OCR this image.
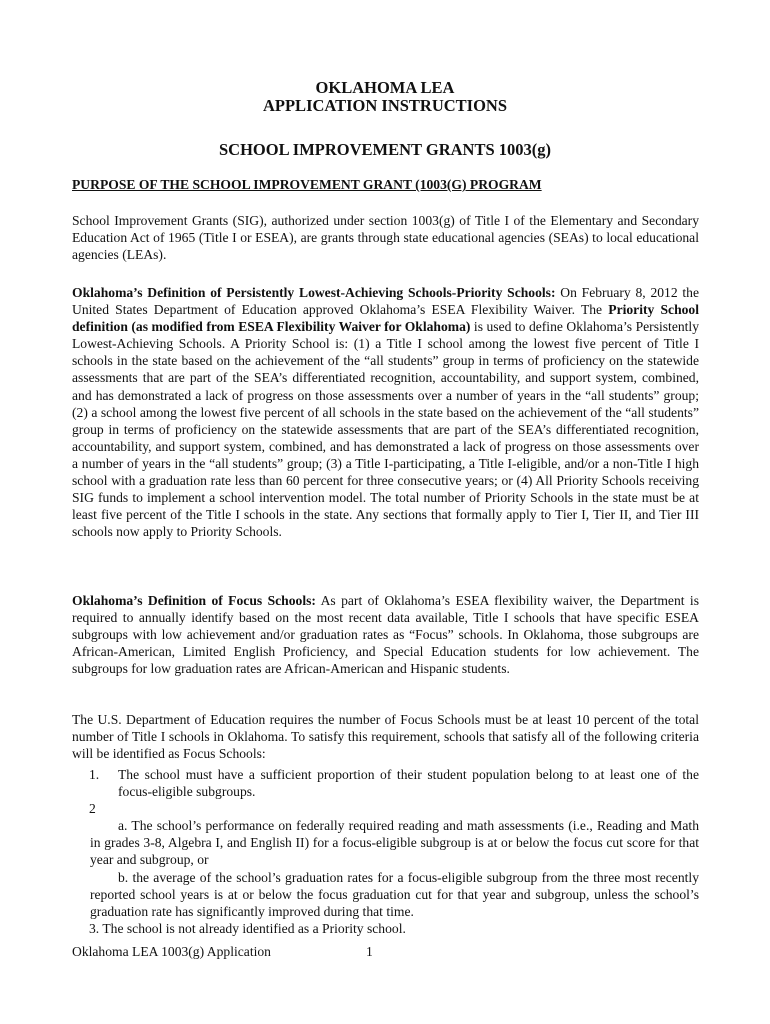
OKLAHOMA LEA
APPLICATION INSTRUCTIONS
SCHOOL IMPROVEMENT GRANTS 1003(g)
PURPOSE OF THE SCHOOL IMPROVEMENT GRANT (1003(G) PROGRAM
School Improvement Grants (SIG), authorized under section 1003(g) of Title I of the Elementary and Secondary Education Act of 1965 (Title I or ESEA), are grants through state educational agencies (SEAs) to local educational agencies (LEAs).
Oklahoma’s Definition of Persistently Lowest-Achieving Schools-Priority Schools: On February 8, 2012 the United States Department of Education approved Oklahoma’s ESEA Flexibility Waiver. The Priority School definition (as modified from ESEA Flexibility Waiver for Oklahoma) is used to define Oklahoma’s Persistently Lowest-Achieving Schools. A Priority School is: (1) a Title I school among the lowest five percent of Title I schools in the state based on the achievement of the “all students” group in terms of proficiency on the statewide assessments that are part of the SEA’s differentiated recognition, accountability, and support system, combined, and has demonstrated a lack of progress on those assessments over a number of years in the “all students” group; (2) a school among the lowest five percent of all schools in the state based on the achievement of the “all students” group in terms of proficiency on the statewide assessments that are part of the SEA’s differentiated recognition, accountability, and support system, combined, and has demonstrated a lack of progress on those assessments over a number of years in the “all students” group; (3) a Title I-participating, a Title I-eligible, and/or a non-Title I high school with a graduation rate less than 60 percent for three consecutive years; or (4) All Priority Schools receiving SIG funds to implement a school intervention model. The total number of Priority Schools in the state must be at least five percent of the Title I schools in the state. Any sections that formally apply to Tier I, Tier II, and Tier III schools now apply to Priority Schools.
Oklahoma’s Definition of Focus Schools: As part of Oklahoma’s ESEA flexibility waiver, the Department is required to annually identify based on the most recent data available, Title I schools that have specific ESEA subgroups with low achievement and/or graduation rates as “Focus” schools. In Oklahoma, those subgroups are African-American, Limited English Proficiency, and Special Education students for low achievement. The subgroups for low graduation rates are African-American and Hispanic students.
The U.S. Department of Education requires the number of Focus Schools must be at least 10 percent of the total number of Title I schools in Oklahoma. To satisfy this requirement, schools that satisfy all of the following criteria will be identified as Focus Schools:
1. The school must have a sufficient proportion of their student population belong to at least one of the focus-eligible subgroups.
2
a. The school’s performance on federally required reading and math assessments (i.e., Reading and Math in grades 3-8, Algebra I, and English II) for a focus-eligible subgroup is at or below the focus cut score for that year and subgroup, or
b. the average of the school’s graduation rates for a focus-eligible subgroup from the three most recently reported school years is at or below the focus graduation cut for that year and subgroup, unless the school’s graduation rate has significantly improved during that time.
3. The school is not already identified as a Priority school.
Oklahoma LEA 1003(g) Application	1
